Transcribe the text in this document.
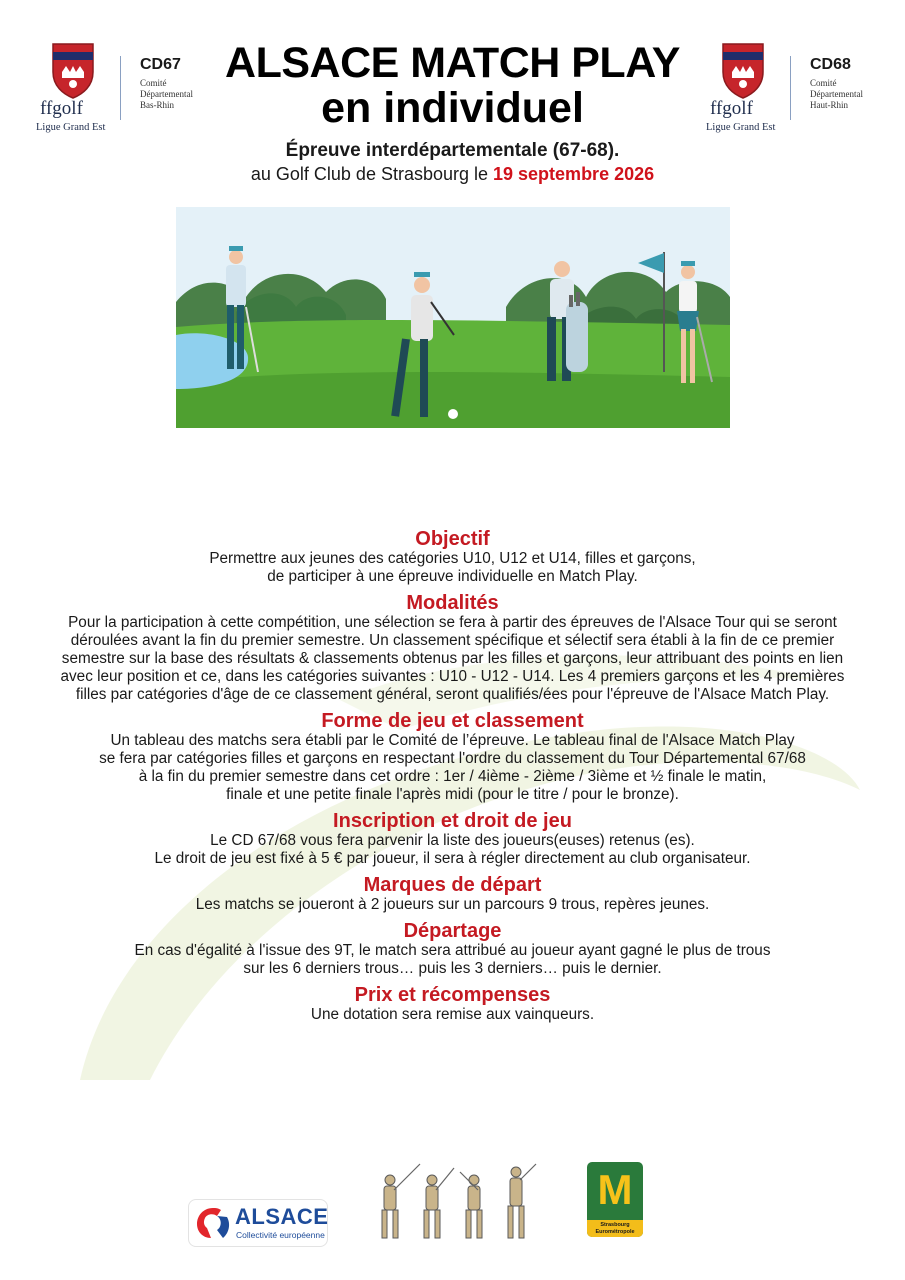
ffgolf
Ligue Grand Est
CD67
Comité
Départemental
Bas-Rhin	ffgolf
Ligue Grand Est
CD68
Comité
Départemental
Haut-Rhin
ALSACE MATCH PLAY
en individuel
Épreuve interdépartementale (67-68).
au Golf Club de Strasbourg le 19 septembre 2026
Objectif
Permettre aux jeunes des catégories U10, U12 et U14, filles et garçons,
de participer à une épreuve individuelle en Match Play.
Modalités
Pour la participation à cette compétition, une sélection se fera à partir des épreuves de l'Alsace Tour qui se seront
déroulées avant la fin du premier semestre. Un classement spécifique et sélectif sera établi à la fin de ce premier
semestre sur la base des résultats & classements obtenus par les filles et garçons, leur attribuant des points en lien
avec leur position et ce, dans les catégories suivantes : U10 - U12 - U14. Les 4 premiers garçons et les 4 premières
filles par catégories d'âge de ce classement général, seront qualifiés/ées pour l'épreuve de l'Alsace Match Play.
Forme de jeu et classement
Un tableau des matchs sera établi par le Comité de l’épreuve. Le tableau final de l'Alsace Match Play
se fera par catégories filles et garçons en respectant l'ordre du classement du Tour Départemental 67/68
à la fin du premier semestre dans cet ordre : 1er / 4ième - 2ième / 3ième et ½ finale le matin,
finale et une petite finale l'après midi (pour le titre / pour le bronze).
Inscription et droit de jeu
Le CD 67/68 vous fera parvenir la liste des joueurs(euses) retenus (es).
Le droit de jeu est fixé à 5 € par joueur, il sera à régler directement au club organisateur.
Marques de départ
Les matchs se joueront à 2 joueurs sur un parcours 9 trous, repères jeunes.
Départage
En cas d'égalité à l'issue des 9T, le match sera attribué au joueur ayant gagné le plus de trous
sur les 6 derniers trous… puis les 3 derniers… puis le dernier.
Prix et récompenses
Une dotation sera remise aux vainqueurs.
ALSACE
Collectivité européenne
M
Strasbourg
Eurométropole
